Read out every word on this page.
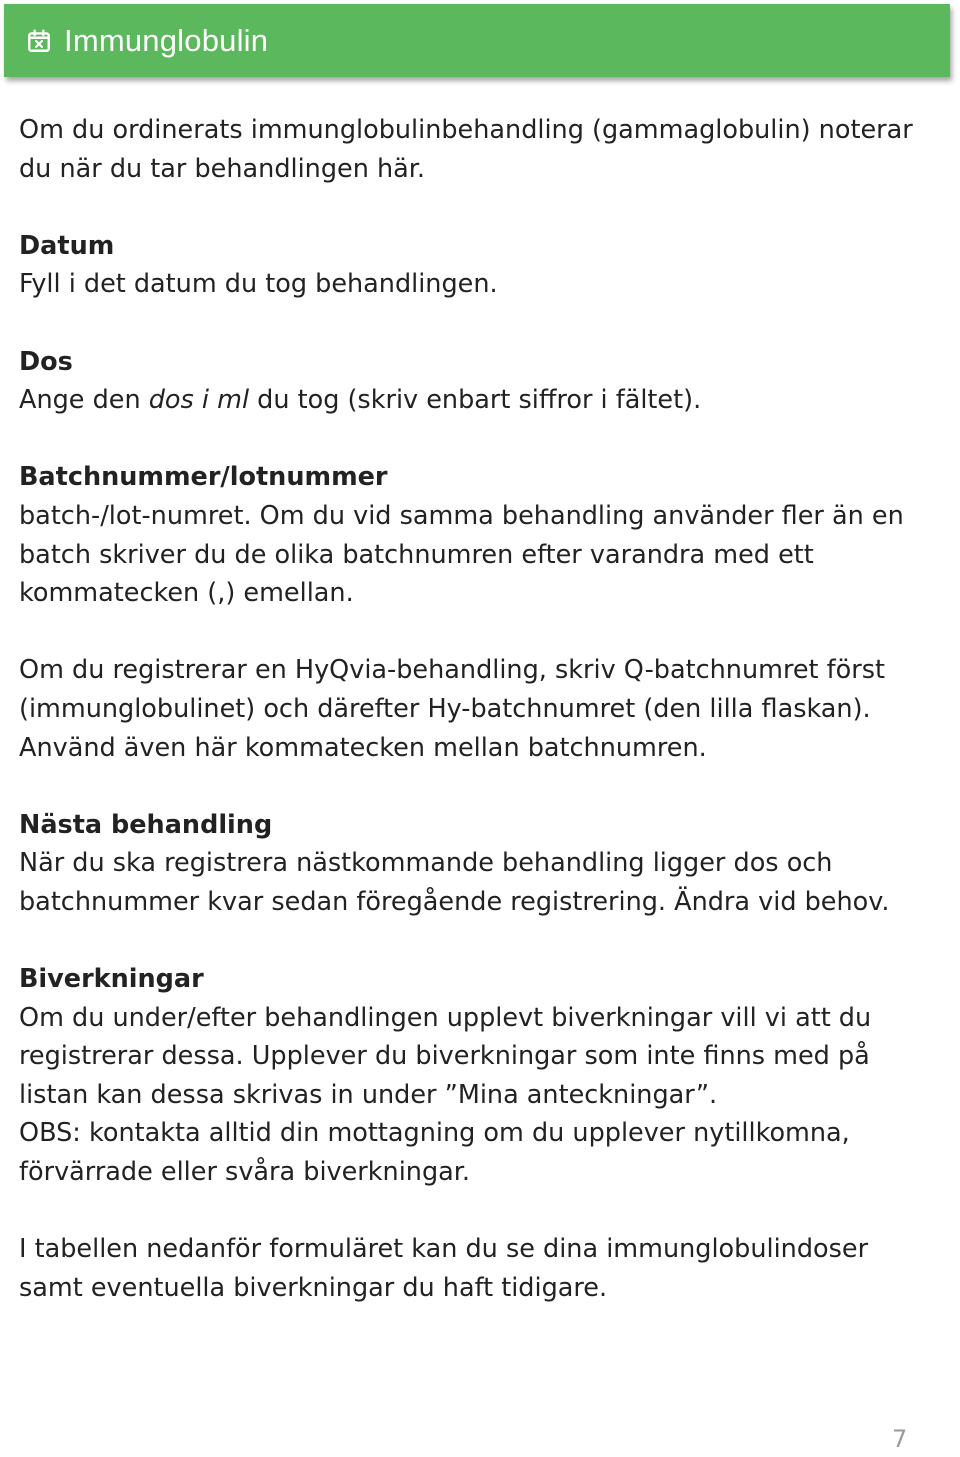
Immunglobulin

Om du ordinerats immunglobulinbehandling (gammaglobulin) noterar

du när du tar behandlingen här.

Datum

Fyll i det datum du tog behandlingen.

Dos

Ange den dos i ml du tog (skriv enbart siffror i fältet).

Batchnummer/lotnummer

batch-/lot-numret. Om du vid samma behandling använder fler än en

batch skriver du de olika batchnumren efter varandra med ett

kommatecken (,) emellan.

Om du registrerar en HyQvia-behandling, skriv Q-batchnumret först

(immunglobulinet) och därefter Hy-batchnumret (den lilla flaskan).

Använd även här kommatecken mellan batchnumren.

Nästa behandling

När du ska registrera nästkommande behandling ligger dos och

batchnummer kvar sedan föregående registrering. Ändra vid behov.

Biverkningar

Om du under/efter behandlingen upplevt biverkningar vill vi att du

registrerar dessa. Upplever du biverkningar som inte finns med på

listan kan dessa skrivas in under ”Mina anteckningar”.

OBS: kontakta alltid din mottagning om du upplever nytillkomna,

förvärrade eller svåra biverkningar.

I tabellen nedanför formuläret kan du se dina immunglobulindoser

samt eventuella biverkningar du haft tidigare.

7
